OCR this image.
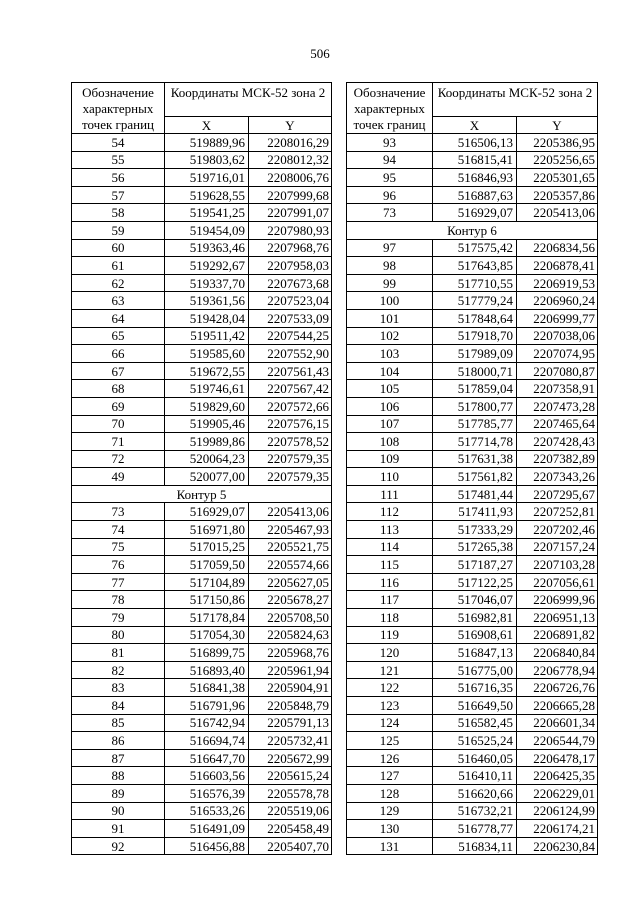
506
Обозначение характерных точек границ	Координаты МСК-52 зона 2	

	X	Y
54	519889,96	2208016,29
55	519803,62	2208012,32
56	519716,01	2208006,76
57	519628,55	2207999,68
58	519541,25	2207991,07
59	519454,09	2207980,93
60	519363,46	2207968,76
61	519292,67	2207958,03
62	519337,70	2207673,68
63	519361,56	2207523,04
64	519428,04	2207533,09
65	519511,42	2207544,25
66	519585,60	2207552,90
67	519672,55	2207561,43
68	519746,61	2207567,42
69	519829,60	2207572,66
70	519905,46	2207576,15
71	519989,86	2207578,52
72	520064,23	2207579,35
49	520077,00	2207579,35
Контур 5		
73	516929,07	2205413,06
74	516971,80	2205467,93
75	517015,25	2205521,75
76	517059,50	2205574,66
77	517104,89	2205627,05
78	517150,86	2205678,27
79	517178,84	2205708,50
80	517054,30	2205824,63
81	516899,75	2205968,76
82	516893,40	2205961,94
83	516841,38	2205904,91
84	516791,96	2205848,79
85	516742,94	2205791,13
86	516694,74	2205732,41
87	516647,70	2205672,99
88	516603,56	2205615,24
89	516576,39	2205578,78
90	516533,26	2205519,06
91	516491,09	2205458,49
92	516456,88	2205407,70
Обозначение характерных точек границ	Координаты МСК-52 зона 2	

	X	Y
93	516506,13	2205386,95
94	516815,41	2205256,65
95	516846,93	2205301,65
96	516887,63	2205357,86
73	516929,07	2205413,06
Контур 6		
97	517575,42	2206834,56
98	517643,85	2206878,41
99	517710,55	2206919,53
100	517779,24	2206960,24
101	517848,64	2206999,77
102	517918,70	2207038,06
103	517989,09	2207074,95
104	518000,71	2207080,87
105	517859,04	2207358,91
106	517800,77	2207473,28
107	517785,77	2207465,64
108	517714,78	2207428,43
109	517631,38	2207382,89
110	517561,82	2207343,26
111	517481,44	2207295,67
112	517411,93	2207252,81
113	517333,29	2207202,46
114	517265,38	2207157,24
115	517187,27	2207103,28
116	517122,25	2207056,61
117	517046,07	2206999,96
118	516982,81	2206951,13
119	516908,61	2206891,82
120	516847,13	2206840,84
121	516775,00	2206778,94
122	516716,35	2206726,76
123	516649,50	2206665,28
124	516582,45	2206601,34
125	516525,24	2206544,79
126	516460,05	2206478,17
127	516410,11	2206425,35
128	516620,66	2206229,01
129	516732,21	2206124,99
130	516778,77	2206174,21
131	516834,11	2206230,84
